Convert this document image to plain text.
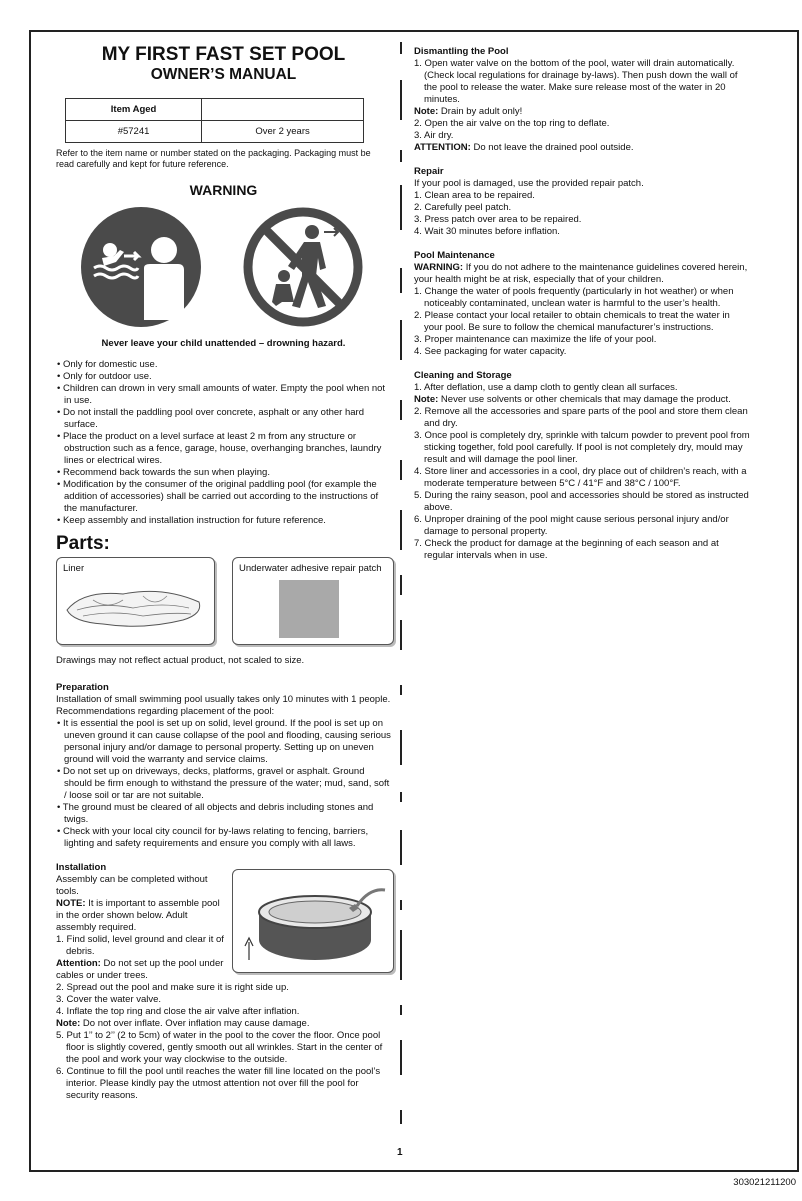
MY FIRST FAST SET POOL
OWNER’S MANUAL
Item Aged	
#57241	Over 2 years

Refer to the item name or number stated on the packaging. Packaging must be read carefully and kept for future reference.

WARNING
Never leave your child unattended – drowning hazard.
• Only for domestic use.
• Only for outdoor use.
• Children can drown in very small amounts of water. Empty the pool when not in use.
• Do not install the paddling pool over concrete, asphalt or any other hard surface.
• Place the product on a level surface at least 2 m from any structure or obstruction such as a fence, garage, house, overhanging branches, laundry lines or electrical wires.
• Recommend back towards the sun when playing.
• Modification by the consumer of the original paddling pool (for example the addition of accessories) shall be carried out according to the instructions of the manufacturer.
• Keep assembly and installation instruction for future reference.
Parts:
Liner	Underwater adhesive repair patch

Drawings may not reflect actual product, not scaled to size.

Preparation

Installation of small swimming pool usually takes only 10 minutes with 1 people.

Recommendations regarding placement of the pool:

• It is essential the pool is set up on solid, level ground. If the pool is set up on uneven ground it can cause collapse of the pool and flooding, causing serious personal injury and/or damage to personal property. Setting up on uneven ground will void the warranty and service claims.
• Do not set up on driveways, decks, platforms, gravel or asphalt. Ground should be firm enough to withstand the pressure of the water; mud, sand, soft / loose soil or tar are not suitable.
• The ground must be cleared of all objects and debris including stones and twigs.
• Check with your local city council for by-laws relating to fencing, barriers, lighting and safety requirements and ensure you comply with all laws.

Installation

Assembly can be completed without tools.

NOTE: It is important to assemble pool in the order shown below. Adult assembly required.

1. Find solid, level ground and clear it of debris.

Attention: Do not set up the pool under cables or under trees.

2. Spread out the pool and make sure it is right side up.

3. Cover the water valve.

4. Inflate the top ring and close the air valve after inflation.

Note: Do not over inflate. Over inflation may cause damage.

5. Put 1’’ to 2’’ (2 to 5cm) of water in the pool to the cover the floor. Once pool floor is slightly covered, gently smooth out all wrinkles. Start in the center of the pool and work your way clockwise to the outside.

6. Continue to fill the pool until reaches the water fill line located on the pool’s interior. Please kindly pay the utmost attention not over fill the pool for security reasons.

Dismantling the Pool

1. Open water valve on the bottom of the pool, water will drain automatically. (Check local regulations for drainage by-laws). Then push down the wall of the pool to release the water. Make sure release most of the water in 20 minutes.

Note: Drain by adult only!

2. Open the air valve on the top ring to deflate.

3. Air dry.

ATTENTION: Do not leave the drained pool outside.

Repair

If your pool is damaged, use the provided repair patch.

1. Clean area to be repaired.
2. Carefully peel patch.
3. Press patch over area to be repaired.
4. Wait 30 minutes before inflation.

Pool Maintenance

WARNING: If you do not adhere to the maintenance guidelines covered herein, your health might be at risk, especially that of your children.

1. Change the water of pools frequently (particularly in hot weather) or when noticeably contaminated, unclean water is harmful to the user’s health.
2. Please contact your local retailer to obtain chemicals to treat the water in your pool. Be sure to follow the chemical manufacturer’s instructions.
3. Proper maintenance can maximize the life of your pool.
4. See packaging for water capacity.

Cleaning and Storage

1. After deflation, use a damp cloth to gently clean all surfaces.

Note: Never use solvents or other chemicals that may damage the product.

2. Remove all the accessories and spare parts of the pool and store them clean and dry.
3. Once pool is completely dry, sprinkle with talcum powder to prevent pool from sticking together, fold pool carefully. If pool is not completely dry, mould may result and will damage the pool liner.
4. Store liner and accessories in a cool, dry place out of children’s reach, with a moderate temperature between 5°C / 41°F and 38°C / 100°F.
5. During the rainy season, pool and accessories should be stored as instructed above.
6. Unproper draining of the pool might cause serious personal injury and/or damage to personal property.
7. Check the product for damage at the beginning of each season and at regular intervals when in use.
1
303021211200
